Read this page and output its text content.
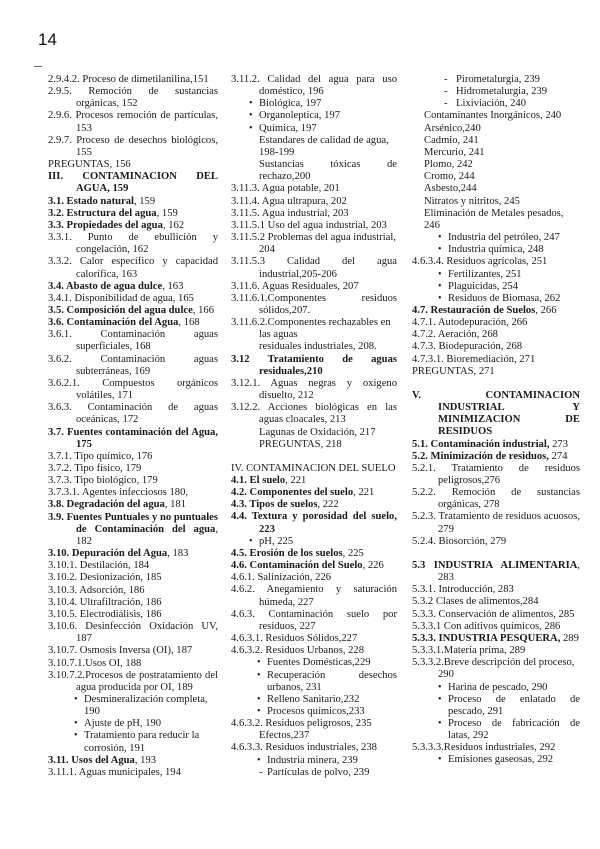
14
2.9.4.2. Proceso de dimetilanilina,151
2.9.5. Remoción de sustancias orgánicas, 152
2.9.6. Procesos remoción de partículas, 153
2.9.7. Proceso de desechos biológicos, 155
PREGUNTAS, 156
III. CONTAMINACION DEL AGUA, 159
3.1. Estado natural, 159
3.2. Estructura del agua, 159
3.3. Propiedades del agua, 162
3.3.1. Punto de ebullición y congelación, 162
3.3.2. Calor específico y capacidad calorífica, 163
3.4. Abasto de agua dulce, 163
3.4.1. Disponibilidad de agua, 165
3.5. Composición del agua dulce, 166
3.6. Contaminación del Agua, 168
3.6.1. Contaminación aguas superficiales, 168
3.6.2. Contaminación aguas subterráneas, 169
3.6.2.1. Compuestos orgánicos volátiles, 171
3.6.3. Contaminación de aguas oceánicas, 172
3.7. Fuentes contaminación del Agua, 175
3.7.1. Tipo químico, 176
3.7.2. Tipo físico, 179
3.7.3. Tipo biológico, 179
3.7.3.1. Agentes infecciosos 180,
3.8. Degradación del agua, 181
3.9. Fuentes Puntuales y no puntuales de Contaminación del agua, 182
3.10. Depuración del Agua, 183
3.10.1. Destilación, 184
3.10.2. Desionización, 185
3.10.3. Adsorción, 186
3.10.4. Ultrafiltración, 186
3.10.5. Electrodiálisis, 186
3.10.6. Desinfección Oxidación UV, 187
3.10.7. Osmosis Inversa (OI), 187
3.10.7.1.Usos OI, 188
3.10.7.2.Procesos de postratamiento del agua producida por OI, 189
• Desmineralización completa, 190
• Ajuste de pH, 190
• Tratamiento para reducir la corrosión, 191
3.11. Usos del Agua, 193
3.11.1. Aguas municipales, 194
3.11.2. Calidad del agua para uso doméstico, 196
• Biológica, 197
• Organoleptica, 197
• Química, 197
Estandares de calidad de agua, 198-199
Sustancias tóxicas de rechazo,200
3.11.3. Agua potable, 201
3.11.4. Agua ultrapura, 202
3.11.5. Agua industrial, 203
3.11.5.1 Uso del agua industrial, 203
3.11.5.2 Problemas del agua industrial, 204
3.11.5.3 Calidad del agua industrial,205-206
3.11.6. Aguas Residuales, 207
3.11.6.1.Componentes residuos sólidos,207.
3.11.6.2.Componentes rechazables en las aguas
residuales industriales, 208.
3.12 Tratamiento de aguas residuales,210
3.12.1. Aguas negras y oxígeno disuelto, 212
3.12.2. Acciones biológicas en las aguas cloacales, 213
Lagunas de Oxidación, 217
PREGUNTAS, 218
IV. CONTAMINACION DEL SUELO
4.1. El suelo, 221
4.2. Componentes del suelo, 221
4.3. Tipos de suelos, 222
4.4. Textura y porosidad del suelo, 223
• pH, 225
4.5. Erosión de los suelos, 225
4.6. Contaminación del Suelo, 226
4.6.1. Salinización, 226
4.6.2. Anegamiento y saturación húmeda, 227
4.6.3. Contaminación suelo por residuos, 227
4.6.3.1. Residuos Sólidos,227
4.6.3.2. Residuos Urbanos, 228
• Fuentes Domésticas,229
• Recuperación desechos urbanos, 231
• Relleno Sanitario,232
• Procesos químicos,233
4.6.3.2. Residuos peligrosos, 235
Efectos,237
4.6.3.3. Residuos industriales, 238
• Industria minera, 239
- Partículas de polvo, 239
- Pirometalurgia, 239
- Hidrometalurgia, 239
- Lixiviación, 240
Contaminantes Inorgánicos, 240
Arsénico,240
Cadmio, 241
Mercurio, 241
Plomo, 242
Cromo, 244
Asbesto,244
Nitratos y nitritos, 245
Eliminación de Metales pesados, 246
• Industria del petróleo, 247
• Industria química, 248
4.6.3.4. Residuos agrícolas, 251
• Fertilizantes, 251
• Plaguicidas, 254
• Residuos de Biomasa, 262
4.7. Restauración de Suelos, 266
4.7.1. Autodepuración, 266
4.7.2. Aeración, 268
4.7.3. Biodepuración, 268
4.7.3.1. Bioremediación, 271
PREGUNTAS, 271
V. CONTAMINACION INDUSTRIAL Y MINIMIZACION DE RESIDUOS
5.1. Contaminación industrial, 273
5.2. Minimización de residuos, 274
5.2.1. Tratamiento de residuos peligrosos,276
5.2.2. Remoción de sustancias orgánicas, 278
5.2.3. Tratamiento de residuos acuosos, 279
5.2.4. Biosorción, 279
5.3 INDUSTRIA ALIMENTARIA, 283
5.3.1. Introducción, 283
5.3.2 Clases de alimentos,284
5.3.3. Conservación de alimentos, 285
5.3.3.1 Con aditivos químicos, 286
5.3.3. INDUSTRIA PESQUERA, 289
5.3.3.1.Materia prima, 289
5.3.3.2.Breve descripción del proceso, 290
• Harina de pescado, 290
• Proceso de enlatado de pescado, 291
• Proceso de fabricación de latas, 292
5.3.3.3.Residuos industriales, 292
• Emisiones gaseosas, 292
